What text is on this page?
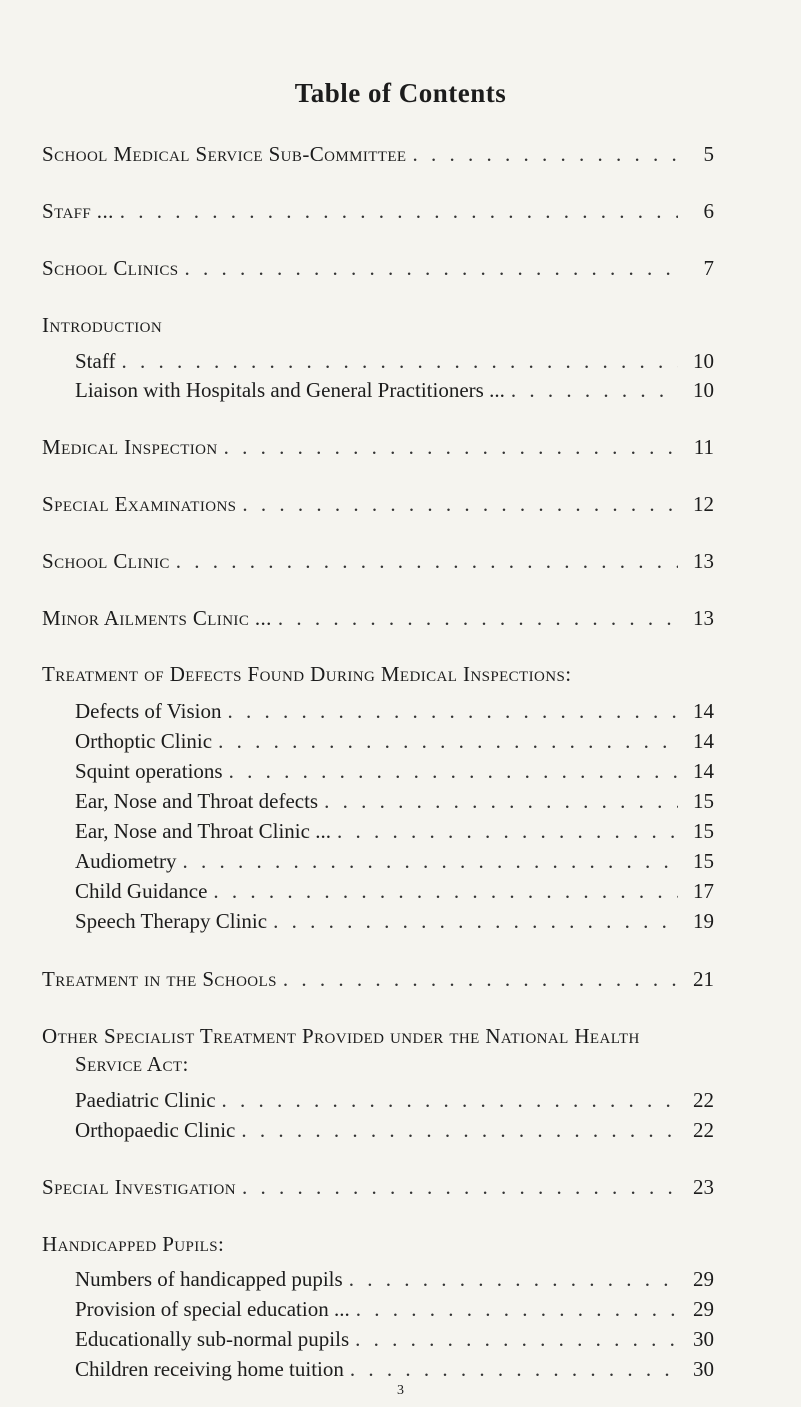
Table of Contents
School Medical Service Sub-Committee . . .	5
Staff ... . . .	6
School Clinics . . .	7
Introduction
Staff . . .	10
Liaison with Hospitals and General Practitioners ... . . .	10
Medical Inspection . . .	11
Special Examinations . . .	12
School Clinic . . .	13
Minor Ailments Clinic ... . . .	13
Treatment of Defects Found During Medical Inspections:
Defects of Vision . . .	14
Orthoptic Clinic . . .	14
Squint operations . . .	14
Ear, Nose and Throat defects . . .	15
Ear, Nose and Throat Clinic ... . . .	15
Audiometry . . .	15
Child Guidance . . .	17
Speech Therapy Clinic . . .	19
Treatment in the Schools . . .	21
Other Specialist Treatment Provided under the National Health
Service Act:
Paediatric Clinic . . .	22
Orthopaedic Clinic . . .	22
Special Investigation . . .	23
Handicapped Pupils:
Numbers of handicapped pupils . . .	29
Provision of special education ... . . .	29
Educationally sub-normal pupils . . .	30
Children receiving home tuition . . .	30
3
